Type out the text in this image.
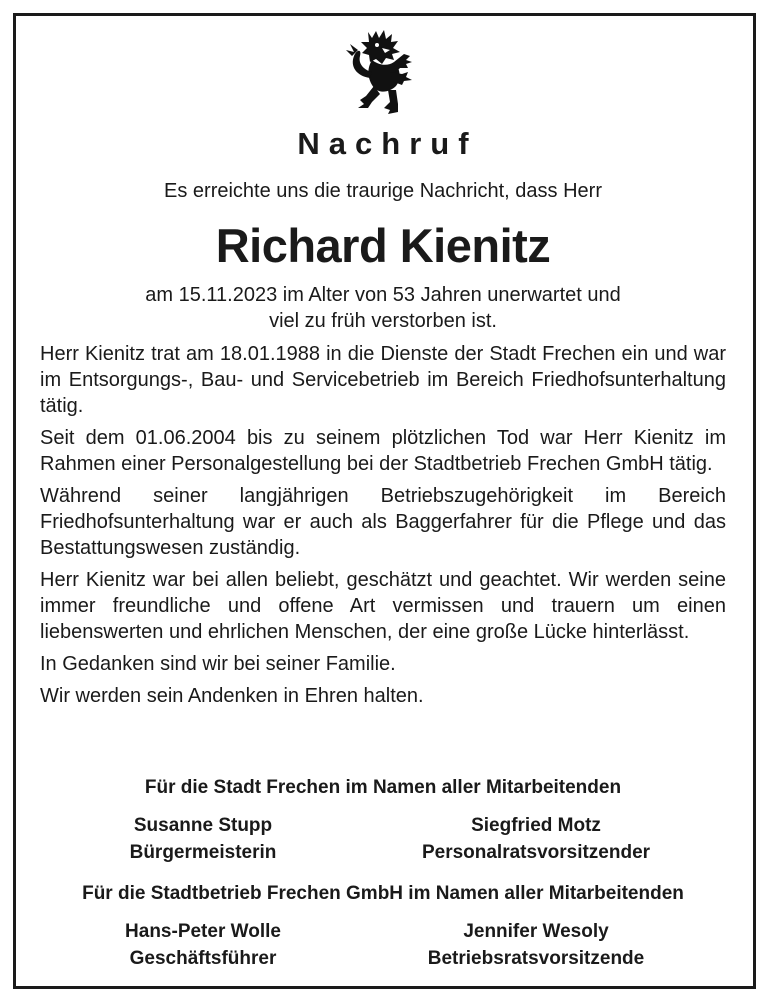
Nachruf
Es erreichte uns die traurige Nachricht, dass Herr
Richard Kienitz
am 15.11.2023 im Alter von 53 Jahren unerwartet und
viel zu früh verstorben ist.

Herr Kienitz trat am 18.01.1988 in die Dienste der Stadt Frechen ein und war im Entsorgungs-, Bau- und Servicebetrieb im Bereich Friedhofsunterhaltung tätig.

Seit dem 01.06.2004 bis zu seinem plötzlichen Tod war Herr Kienitz im Rahmen einer Personalgestellung bei der Stadtbetrieb Frechen GmbH tätig.

Während seiner langjährigen Betriebszugehörigkeit im Bereich Friedhofsunterhaltung war er auch als Baggerfahrer für die Pflege und das Bestattungswesen zuständig.

Herr Kienitz war bei allen beliebt, geschätzt und geachtet. Wir werden seine immer freundliche und offene Art vermissen und trauern um einen liebenswerten und ehrlichen Menschen, der eine große Lücke hinterlässt.

In Gedanken sind wir bei seiner Familie.

Wir werden sein Andenken in Ehren halten.

Für die Stadt Frechen im Namen aller Mitarbeitenden
Susanne Stupp
Bürgermeisterin
Siegfried Motz
Personalratsvorsitzender
Für die Stadtbetrieb Frechen GmbH im Namen aller Mitarbeitenden
Hans-Peter Wolle
Geschäftsführer
Jennifer Wesoly
Betriebsratsvorsitzende
